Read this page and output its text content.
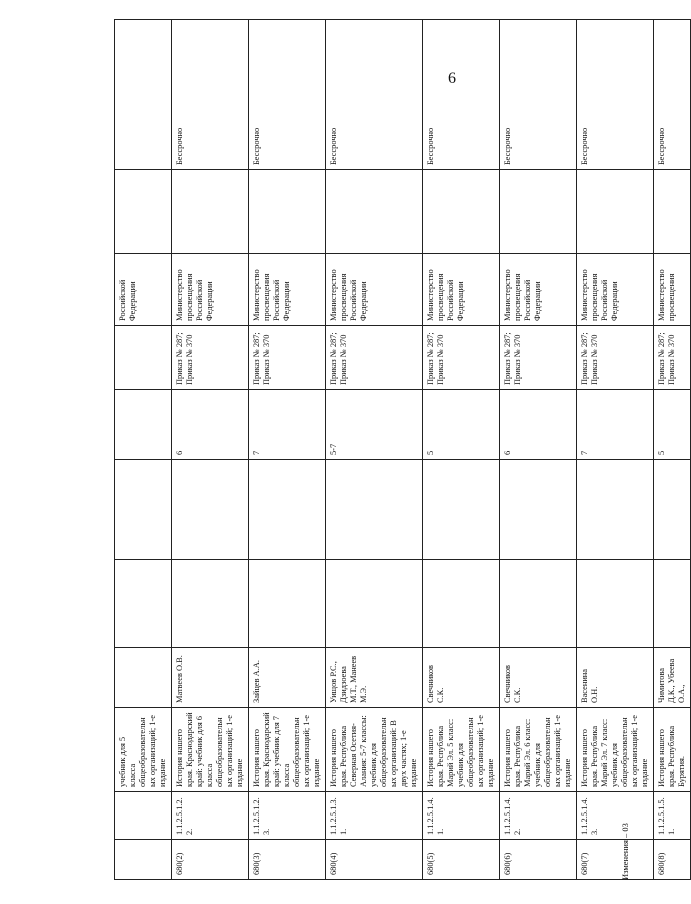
6
		учебник для 5 класса общеобразовательных организаций; 1-е издание						Российской Федерации		
680(2)	1.1.2.5.1.2.2.	История нашего края. Краснодарский край: учебник для 6 класса общеобразовательных организаций; 1-е издание	Матвеев О.В.			6	Приказ № 287; Приказ № 370	Министерство просвещения Российской Федерации		Бессрочно
680(3)	1.1.2.5.1.2.3.	История нашего края. Краснодарский край: учебник для 7 класса общеобразовательных организаций; 1-е издание	Зайцев А.А.			7	Приказ № 287; Приказ № 370	Министерство просвещения Российской Федерации		Бессрочно
680(4)	1.1.2.5.1.3.1.	История нашего края. Республика Северная Осетия-Алания: 5-7 классы: учебник для общеобразовательных организаций: В двух частях; 1-е издание	Уищов Р.С., Дзидзоева М.Т., Манеев М.Э.			5-7	Приказ № 287; Приказ № 370	Министерство просвещения Российской Федерации		Бессрочно
680(5)	1.1.2.5.1.4.1.	История нашего края. Республика Марий Эл. 5 класс: учебник для общеобразовательных организаций; 1-е издание	Свечников С.К.			5	Приказ № 287; Приказ № 370	Министерство просвещения Российской Федерации		Бессрочно
680(6)	1.1.2.5.1.4.2.	История нашего края. Республика Марий Эл. 6 класс: учебник для общеобразовательных организаций; 1-е издание	Свечников С.К.			6	Приказ № 287; Приказ № 370	Министерство просвещения Российской Федерации		Бессрочно
680(7)	1.1.2.5.1.4.3.	История нашего края. Республика Марий Эл. 7 класс: учебник для общеобразовательных организаций; 1-е издание	Васенина О.Н.			7	Приказ № 287; Приказ № 370	Министерство просвещения Российской Федерации		Бессрочно
680(8)	1.1.2.5.1.5.1.	История нашего края. Республика Бурятия.	Чимитова Д.К., Убеева О.А.,			5	Приказ № 287; Приказ № 370	Министерство просвещения		Бессрочно
Изменения – 03
